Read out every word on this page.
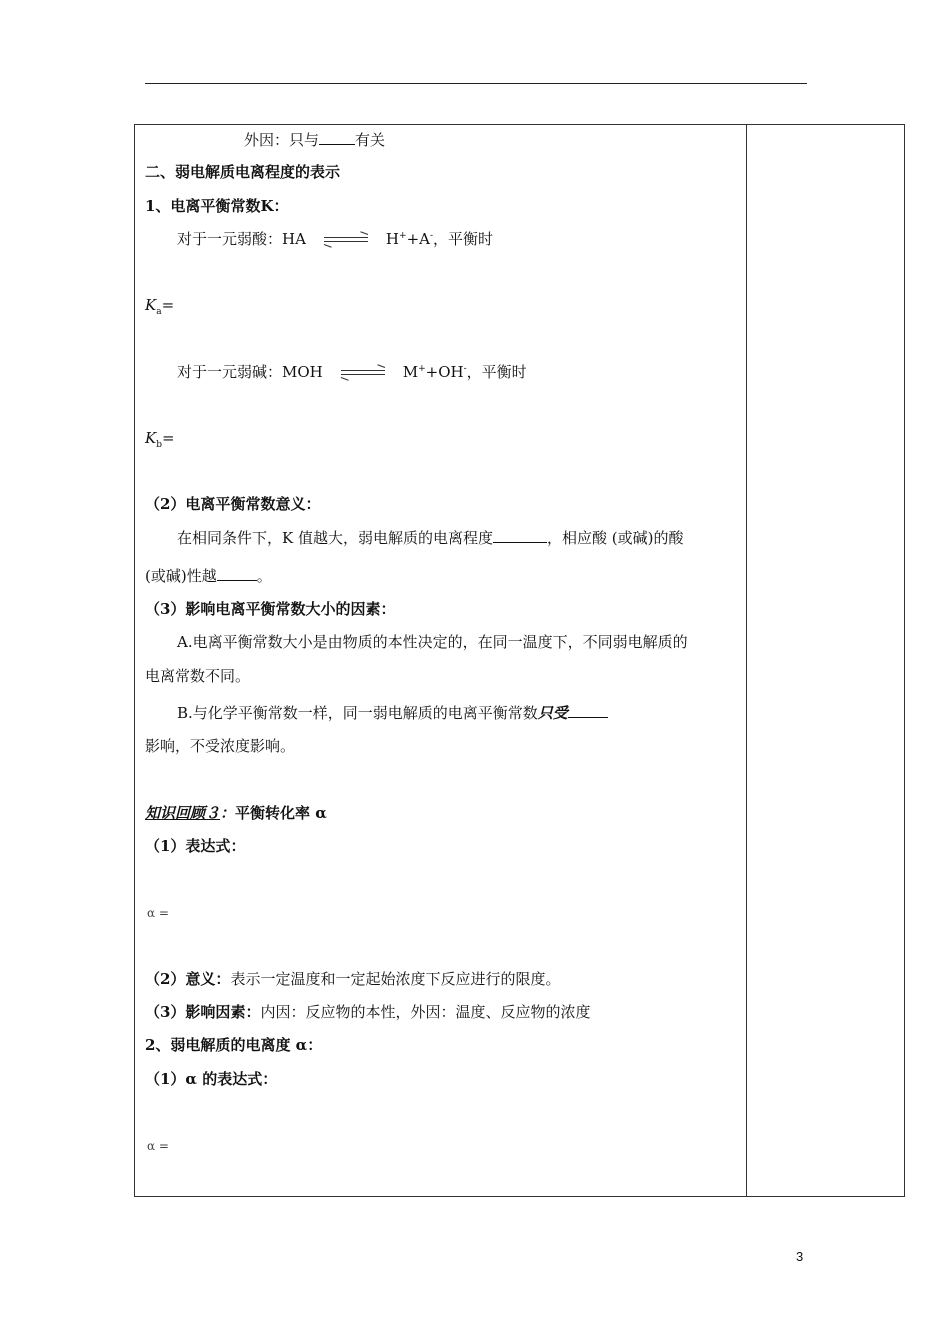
外因：只与 有关
二、弱电解质电离程度的表示
1、电离平衡常数K：
对于一元弱酸：HA	H++A-，平衡时
$K_a=$
对于一元弱碱：MOH	M++OH-，平衡时
$K_b=$
（2）电离平衡常数意义：
在相同条件下，K 值越大，弱电解质的电离程度	，相应酸 (或碱)的酸
(或碱)性越	。
（3）影响电离平衡常数大小的因素：
A.电离平衡常数大小是由物质的本性决定的，在同一温度下，不同弱电解质的
电离常数不同。
B.与化学平衡常数一样，同一弱电解质的电离平衡常数只受
影响，不受浓度影响。
知识回顾３：平衡转化率 α
（1）表达式：
α =
（2）意义：表示一定温度和一定起始浓度下反应进行的限度。
（3）影响因素：内因：反应物的本性，外因：温度、反应物的浓度
2、弱电解质的电离度 α：
（1）α 的表达式：
α =
3
